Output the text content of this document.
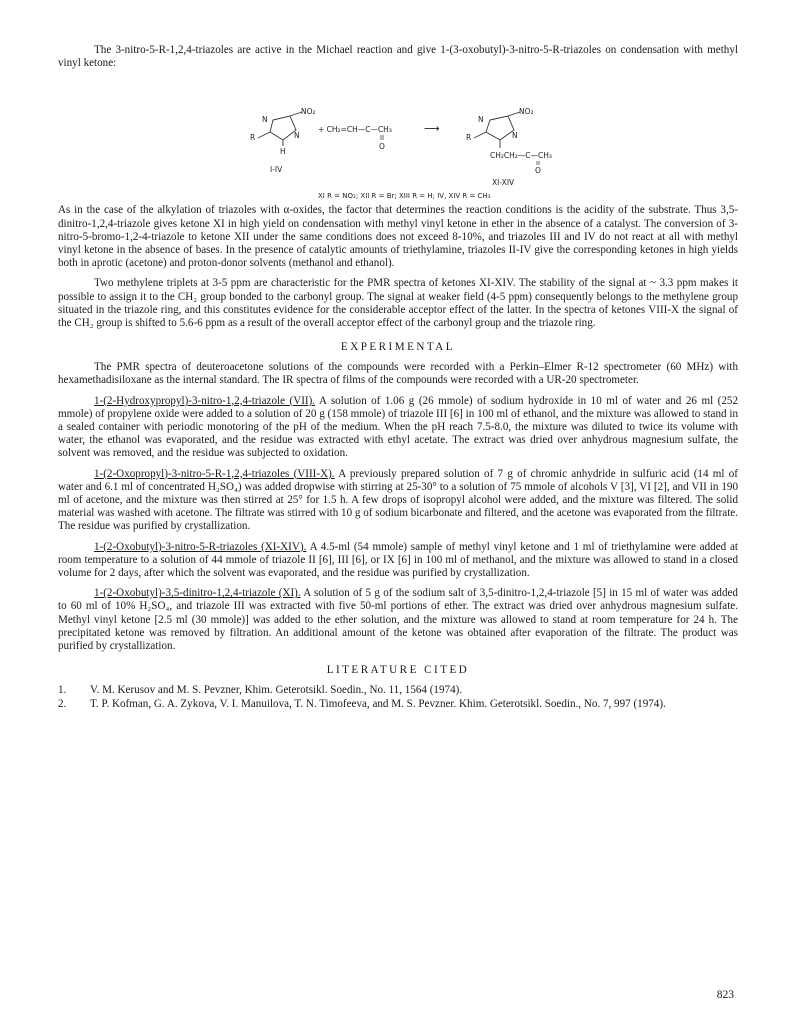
The 3-nitro-5-R-1,2,4-triazoles are active in the Michael reaction and give 1-(3-oxobutyl)-3-nitro-5-R-triazoles on condensation with methyl vinyl ketone:

NO₂
N
N
R
H
I-IV
+ CH₂=CH—C—CH₃
O
⟶
NO₂
N
N
R
CH₂CH₂—C—CH₃
O
XI-XIV
XI R = NO₂; XII R = Br; XIII R = H; IV, XIV R = CH₃

As in the case of the alkylation of triazoles with α-oxides, the factor that determines the reaction conditions is the acidity of the substrate. Thus 3,5-dinitro-1,2,4-triazole gives ketone XI in high yield on condensation with methyl vinyl ketone in ether in the absence of a catalyst. The conversion of 3-nitro-5-bromo-1,2-4-triazole to ketone XII under the same conditions does not exceed 8-10%, and triazoles III and IV do not react at all with methyl vinyl ketone in the absence of bases. In the presence of catalytic amounts of triethylamine, triazoles II-IV give the corresponding ketones in high yields both in aprotic (acetone) and proton-donor solvents (methanol and ethanol).

Two methylene triplets at 3-5 ppm are characteristic for the PMR spectra of ketones XI-XIV. The stability of the signal at ~ 3.3 ppm makes it possible to assign it to the CH₂ group bonded to the carbonyl group. The signal at weaker field (4-5 ppm) consequently belongs to the methylene group situated in the triazole ring, and this constitutes evidence for the considerable acceptor effect of the latter. In the spectra of ketones VIII-X the signal of the CH₂ group is shifted to 5.6-6 ppm as a result of the overall acceptor effect of the carbonyl group and the triazole ring.

EXPERIMENTAL

The PMR spectra of deuteroacetone solutions of the compounds were recorded with a Perkin–Elmer R-12 spectrometer (60 MHz) with hexamethadisiloxane as the internal standard. The IR spectra of films of the compounds were recorded with a UR-20 spectrometer.

1-(2-Hydroxypropyl)-3-nitro-1,2,4-triazole (VII). A solution of 1.06 g (26 mmole) of sodium hydroxide in 10 ml of water and 26 ml (252 mmole) of propylene oxide were added to a solution of 20 g (158 mmole) of triazole III [6] in 100 ml of ethanol, and the mixture was allowed to stand in a sealed container with periodic monotoring of the pH of the medium. When the pH reach 7.5-8.0, the mixture was diluted to twice its volume with water, the ethanol was evaporated, and the residue was extracted with ethyl acetate. The extract was dried over anhydrous magnesium sulfate, the solvent was removed, and the residue was subjected to oxidation.

1-(2-Oxopropyl)-3-nitro-5-R-1,2,4-triazoles (VIII-X). A previously prepared solution of 7 g of chromic anhydride in sulfuric acid (14 ml of water and 6.1 ml of concentrated H₂SO₄) was added dropwise with stirring at 25-30° to a solution of 75 mmole of alcohols V [3], VI [2], and VII in 190 ml of acetone, and the mixture was then stirred at 25° for 1.5 h. A few drops of isopropyl alcohol were added, and the mixture was filtered. The solid material was washed with acetone. The filtrate was stirred with 10 g of sodium bicarbonate and filtered, and the acetone was evaporated from the filtrate. The residue was purified by crystallization.

1-(2-Oxobutyl)-3-nitro-5-R-triazoles (XI-XIV). A 4.5-ml (54 mmole) sample of methyl vinyl ketone and 1 ml of triethylamine were added at room temperature to a solution of 44 mmole of triazole II [6], III [6], or IX [6] in 100 ml of methanol, and the mixture was allowed to stand in a closed volume for 2 days, after which the solvent was evaporated, and the residue was purified by crystallization.

1-(2-Oxobutyl)-3,5-dinitro-1,2,4-triazole (XI). A solution of 5 g of the sodium salt of 3,5-dinitro-1,2,4-triazole [5] in 15 ml of water was added to 60 ml of 10% H₂SO₄, and triazole III was extracted with five 50-ml portions of ether. The extract was dried over anhydrous magnesium sulfate. Methyl vinyl ketone [2.5 ml (30 mmole)] was added to the ether solution, and the mixture was allowed to stand at room temperature for 24 h. The precipitated ketone was removed by filtration. An additional amount of the ketone was obtained after evaporation of the filtrate. The product was purified by crystallization.

LITERATURE CITED
1.	V. M. Kerusov and M. S. Pevzner, Khim. Geterotsikl. Soedin., No. 11, 1564 (1974).
2.	T. P. Kofman, G. A. Zykova, V. I. Manuilova, T. N. Timofeeva, and M. S. Pevzner. Khim. Geterotsikl. Soedin., No. 7, 997 (1974).
823
